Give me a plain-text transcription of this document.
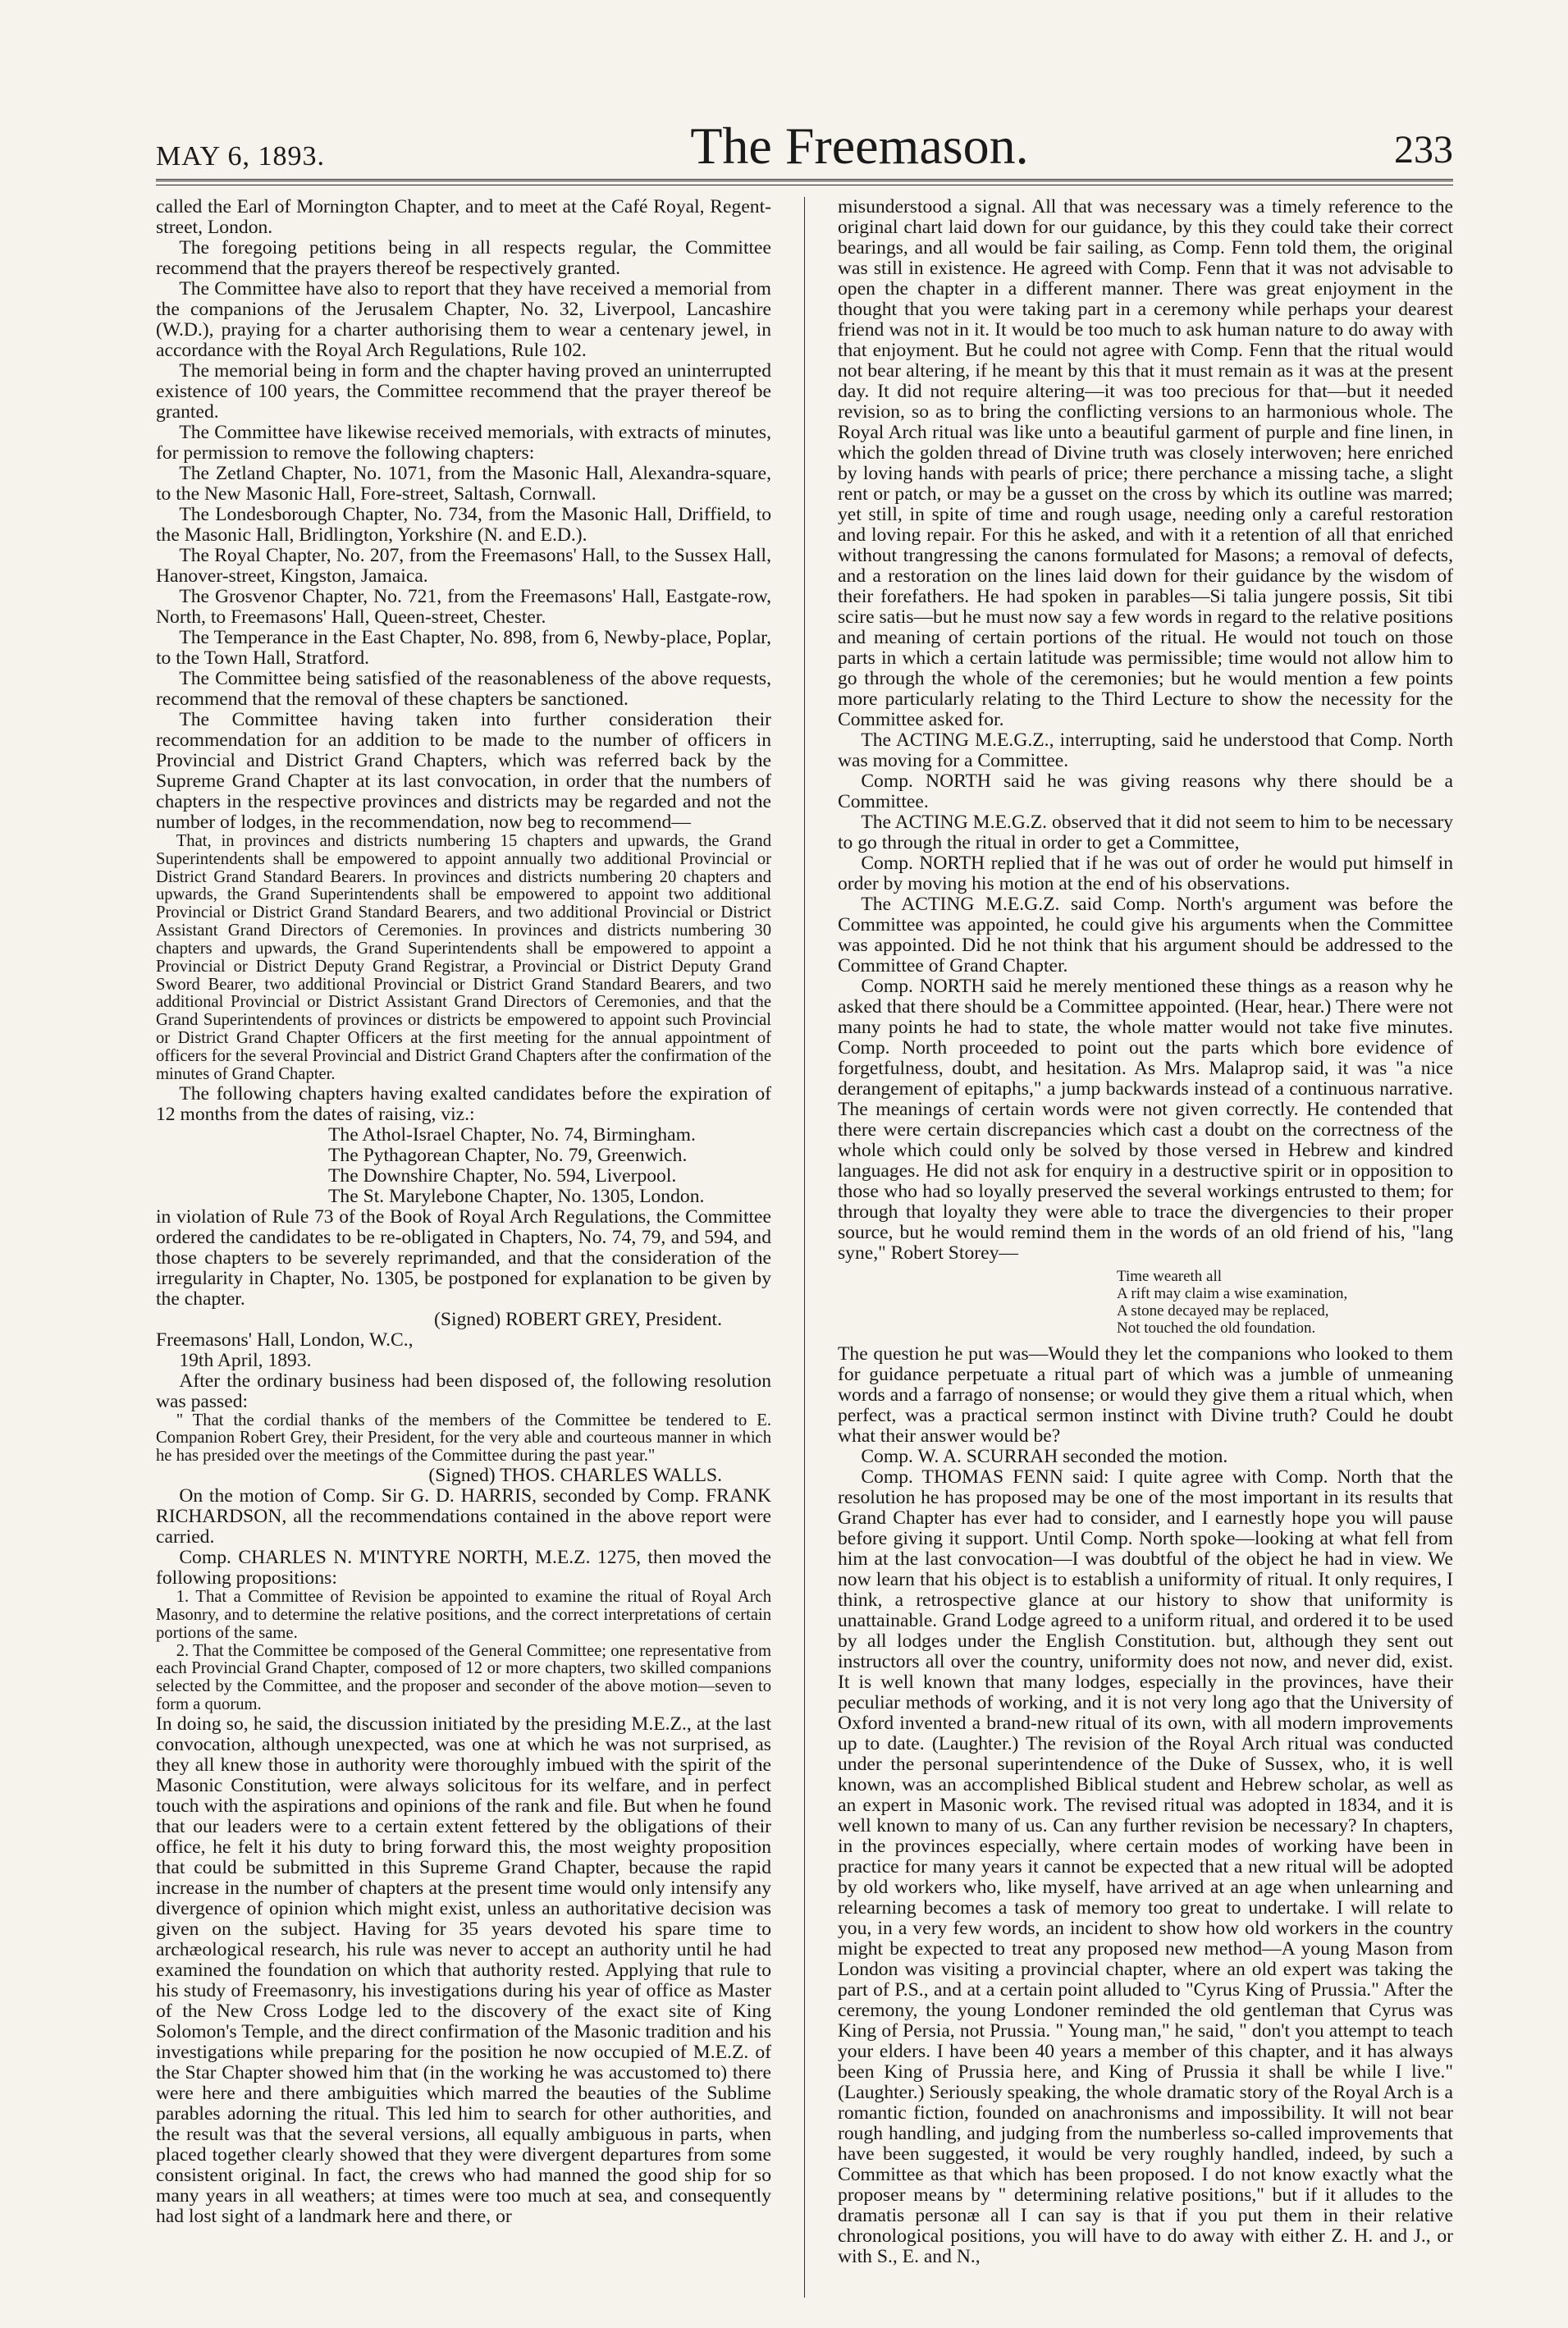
MAY 6, 1893.	The Freemason.	233

called the Earl of Mornington Chapter, and to meet at the Café Royal, Regent-street, London.

The foregoing petitions being in all respects regular, the Committee recommend that the prayers thereof be respectively granted.

The Committee have also to report that they have received a memorial from the companions of the Jerusalem Chapter, No. 32, Liverpool, Lancashire (W.D.), praying for a charter authorising them to wear a centenary jewel, in accordance with the Royal Arch Regulations, Rule 102.

The memorial being in form and the chapter having proved an uninterrupted existence of 100 years, the Committee recommend that the prayer thereof be granted.

The Committee have likewise received memorials, with extracts of minutes, for permission to remove the following chapters:

The Zetland Chapter, No. 1071, from the Masonic Hall, Alexandra-square, to the New Masonic Hall, Fore-street, Saltash, Cornwall.

The Londesborough Chapter, No. 734, from the Masonic Hall, Driffield, to the Masonic Hall, Bridlington, Yorkshire (N. and E.D.).

The Royal Chapter, No. 207, from the Freemasons' Hall, to the Sussex Hall, Hanover-street, Kingston, Jamaica.

The Grosvenor Chapter, No. 721, from the Freemasons' Hall, Eastgate-row, North, to Freemasons' Hall, Queen-street, Chester.

The Temperance in the East Chapter, No. 898, from 6, Newby-place, Poplar, to the Town Hall, Stratford.

The Committee being satisfied of the reasonableness of the above requests, recommend that the removal of these chapters be sanctioned.

The Committee having taken into further consideration their recommendation for an addition to be made to the number of officers in Provincial and District Grand Chapters, which was referred back by the Supreme Grand Chapter at its last convocation, in order that the numbers of chapters in the respective provinces and districts may be regarded and not the number of lodges, in the recommendation, now beg to recommend—

That, in provinces and districts numbering 15 chapters and upwards, the Grand Superintendents shall be empowered to appoint annually two additional Provincial or District Grand Standard Bearers. In provinces and districts numbering 20 chapters and upwards, the Grand Superintendents shall be empowered to appoint two additional Provincial or District Grand Standard Bearers, and two additional Provincial or District Assistant Grand Directors of Ceremonies. In provinces and districts numbering 30 chapters and upwards, the Grand Superintendents shall be empowered to appoint a Provincial or District Deputy Grand Registrar, a Provincial or District Deputy Grand Sword Bearer, two additional Provincial or District Grand Standard Bearers, and two additional Provincial or District Assistant Grand Directors of Ceremonies, and that the Grand Superintendents of provinces or districts be empowered to appoint such Provincial or District Grand Chapter Officers at the first meeting for the annual appointment of officers for the several Provincial and District Grand Chapters after the confirmation of the minutes of Grand Chapter.

The following chapters having exalted candidates before the expiration of 12 months from the dates of raising, viz.:

The Athol-Israel Chapter, No. 74, Birmingham.

The Pythagorean Chapter, No. 79, Greenwich.

The Downshire Chapter, No. 594, Liverpool.

The St. Marylebone Chapter, No. 1305, London.

in violation of Rule 73 of the Book of Royal Arch Regulations, the Committee ordered the candidates to be re-obligated in Chapters, No. 74, 79, and 594, and those chapters to be severely reprimanded, and that the consideration of the irregularity in Chapter, No. 1305, be postponed for explanation to be given by the chapter.

(Signed) ROBERT GREY, President.

Freemasons' Hall, London, W.C.,

19th April, 1893.

After the ordinary business had been disposed of, the following resolution was passed:

" That the cordial thanks of the members of the Committee be tendered to E. Companion Robert Grey, their President, for the very able and courteous manner in which he has presided over the meetings of the Committee during the past year."

(Signed) THOS. CHARLES WALLS.

On the motion of Comp. Sir G. D. HARRIS, seconded by Comp. FRANK RICHARDSON, all the recommendations contained in the above report were carried.

Comp. CHARLES N. M'INTYRE NORTH, M.E.Z. 1275, then moved the following propositions:

1. That a Committee of Revision be appointed to examine the ritual of Royal Arch Masonry, and to determine the relative positions, and the correct interpretations of certain portions of the same.

2. That the Committee be composed of the General Committee; one representative from each Provincial Grand Chapter, composed of 12 or more chapters, two skilled companions selected by the Committee, and the proposer and seconder of the above motion—seven to form a quorum.

In doing so, he said, the discussion initiated by the presiding M.E.Z., at the last convocation, although unexpected, was one at which he was not surprised, as they all knew those in authority were thoroughly imbued with the spirit of the Masonic Constitution, were always solicitous for its welfare, and in perfect touch with the aspirations and opinions of the rank and file. But when he found that our leaders were to a certain extent fettered by the obligations of their office, he felt it his duty to bring forward this, the most weighty proposition that could be submitted in this Supreme Grand Chapter, because the rapid increase in the number of chapters at the present time would only intensify any divergence of opinion which might exist, unless an authoritative decision was given on the subject. Having for 35 years devoted his spare time to archæological research, his rule was never to accept an authority until he had examined the foundation on which that authority rested. Applying that rule to his study of Freemasonry, his investigations during his year of office as Master of the New Cross Lodge led to the discovery of the exact site of King Solomon's Temple, and the direct confirmation of the Masonic tradition and his investigations while preparing for the position he now occupied of M.E.Z. of the Star Chapter showed him that (in the working he was accustomed to) there were here and there ambiguities which marred the beauties of the Sublime parables adorning the ritual. This led him to search for other authorities, and the result was that the several versions, all equally ambiguous in parts, when placed together clearly showed that they were divergent departures from some consistent original. In fact, the crews who had manned the good ship for so many years in all weathers; at times were too much at sea, and consequently had lost sight of a landmark here and there, or

misunderstood a signal. All that was necessary was a timely reference to the original chart laid down for our guidance, by this they could take their correct bearings, and all would be fair sailing, as Comp. Fenn told them, the original was still in existence. He agreed with Comp. Fenn that it was not advisable to open the chapter in a different manner. There was great enjoyment in the thought that you were taking part in a ceremony while perhaps your dearest friend was not in it. It would be too much to ask human nature to do away with that enjoyment. But he could not agree with Comp. Fenn that the ritual would not bear altering, if he meant by this that it must remain as it was at the present day. It did not require altering—it was too precious for that—but it needed revision, so as to bring the conflicting versions to an harmonious whole. The Royal Arch ritual was like unto a beautiful garment of purple and fine linen, in which the golden thread of Divine truth was closely interwoven; here enriched by loving hands with pearls of price; there perchance a missing tache, a slight rent or patch, or may be a gusset on the cross by which its outline was marred; yet still, in spite of time and rough usage, needing only a careful restoration and loving repair. For this he asked, and with it a retention of all that enriched without trangressing the canons formulated for Masons; a removal of defects, and a restoration on the lines laid down for their guidance by the wisdom of their forefathers. He had spoken in parables—Si talia jungere possis, Sit tibi scire satis—but he must now say a few words in regard to the relative positions and meaning of certain portions of the ritual. He would not touch on those parts in which a certain latitude was permissible; time would not allow him to go through the whole of the ceremonies; but he would mention a few points more particularly relating to the Third Lecture to show the necessity for the Committee asked for.

The ACTING M.E.G.Z., interrupting, said he understood that Comp. North was moving for a Committee.

Comp. NORTH said he was giving reasons why there should be a Committee.

The ACTING M.E.G.Z. observed that it did not seem to him to be necessary to go through the ritual in order to get a Committee,

Comp. NORTH replied that if he was out of order he would put himself in order by moving his motion at the end of his observations.

The ACTING M.E.G.Z. said Comp. North's argument was before the Committee was appointed, he could give his arguments when the Committee was appointed. Did he not think that his argument should be addressed to the Committee of Grand Chapter.

Comp. NORTH said he merely mentioned these things as a reason why he asked that there should be a Committee appointed. (Hear, hear.) There were not many points he had to state, the whole matter would not take five minutes. Comp. North proceeded to point out the parts which bore evidence of forgetfulness, doubt, and hesitation. As Mrs. Malaprop said, it was "a nice derangement of epitaphs," a jump backwards instead of a continuous narrative. The meanings of certain words were not given correctly. He contended that there were certain discrepancies which cast a doubt on the correctness of the whole which could only be solved by those versed in Hebrew and kindred languages. He did not ask for enquiry in a destructive spirit or in opposition to those who had so loyally preserved the several workings entrusted to them; for through that loyalty they were able to trace the divergencies to their proper source, but he would remind them in the words of an old friend of his, "lang syne," Robert Storey—

Time weareth all
A rift may claim a wise examination,
A stone decayed may be replaced,
Not touched the old foundation.

The question he put was—Would they let the companions who looked to them for guidance perpetuate a ritual part of which was a jumble of unmeaning words and a farrago of nonsense; or would they give them a ritual which, when perfect, was a practical sermon instinct with Divine truth? Could he doubt what their answer would be?

Comp. W. A. SCURRAH seconded the motion.

Comp. THOMAS FENN said: I quite agree with Comp. North that the resolution he has proposed may be one of the most important in its results that Grand Chapter has ever had to consider, and I earnestly hope you will pause before giving it support. Until Comp. North spoke—looking at what fell from him at the last convocation—I was doubtful of the object he had in view. We now learn that his object is to establish a uniformity of ritual. It only requires, I think, a retrospective glance at our history to show that uniformity is unattainable. Grand Lodge agreed to a uniform ritual, and ordered it to be used by all lodges under the English Constitution. but, although they sent out instructors all over the country, uniformity does not now, and never did, exist. It is well known that many lodges, especially in the provinces, have their peculiar methods of working, and it is not very long ago that the University of Oxford invented a brand-new ritual of its own, with all modern improvements up to date. (Laughter.) The revision of the Royal Arch ritual was conducted under the personal superintendence of the Duke of Sussex, who, it is well known, was an accomplished Biblical student and Hebrew scholar, as well as an expert in Masonic work. The revised ritual was adopted in 1834, and it is well known to many of us. Can any further revision be necessary? In chapters, in the provinces especially, where certain modes of working have been in practice for many years it cannot be expected that a new ritual will be adopted by old workers who, like myself, have arrived at an age when unlearning and relearning becomes a task of memory too great to undertake. I will relate to you, in a very few words, an incident to show how old workers in the country might be expected to treat any proposed new method—A young Mason from London was visiting a provincial chapter, where an old expert was taking the part of P.S., and at a certain point alluded to "Cyrus King of Prussia." After the ceremony, the young Londoner reminded the old gentleman that Cyrus was King of Persia, not Prussia. " Young man," he said, " don't you attempt to teach your elders. I have been 40 years a member of this chapter, and it has always been King of Prussia here, and King of Prussia it shall be while I live." (Laughter.) Seriously speaking, the whole dramatic story of the Royal Arch is a romantic fiction, founded on anachronisms and impossibility. It will not bear rough handling, and judging from the numberless so-called improvements that have been suggested, it would be very roughly handled, indeed, by such a Committee as that which has been proposed. I do not know exactly what the proposer means by " determining relative positions," but if it alludes to the dramatis personæ all I can say is that if you put them in their relative chronological positions, you will have to do away with either Z. H. and J., or with S., E. and N.,
